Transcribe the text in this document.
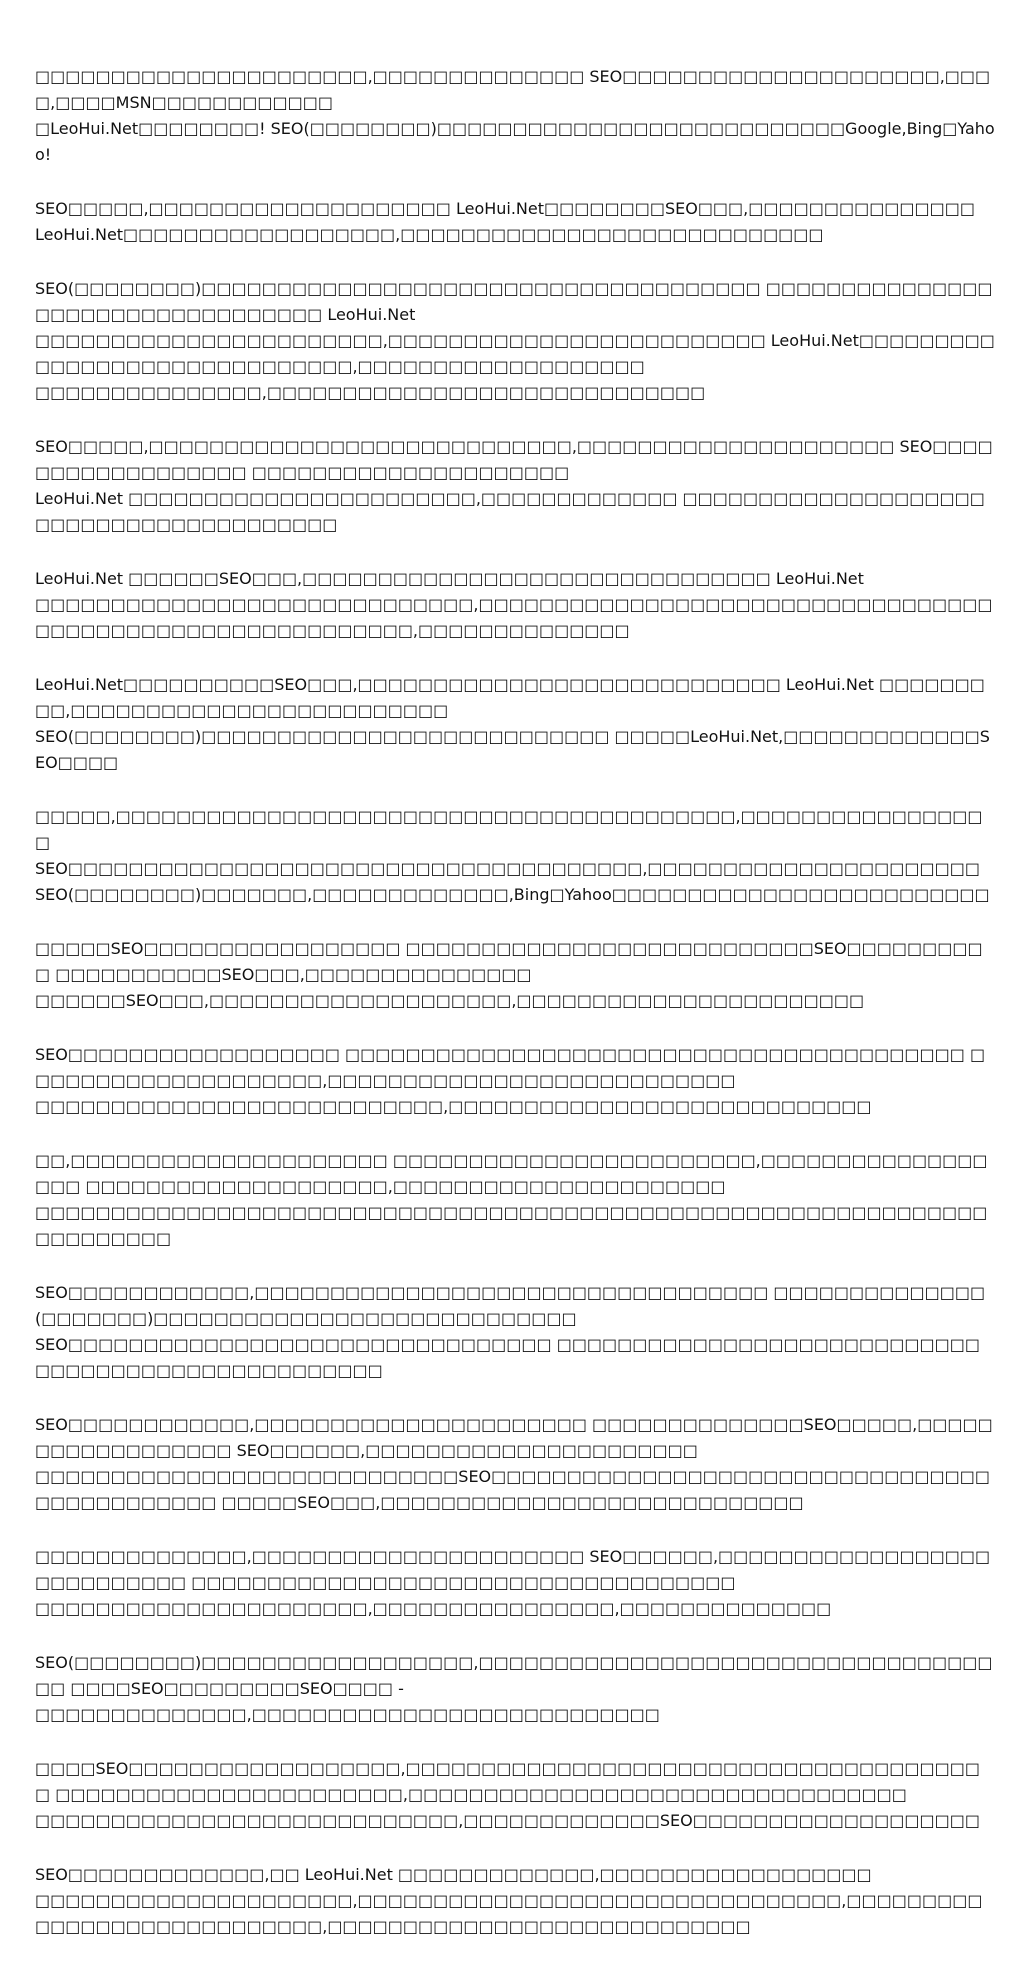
□□□□□□□□□□□□□□□□□□□□□□,□□□□□□□□□□□□□□ SEO□□□□□□□□□□□□□□□□□□□□□,□□□□,□□□□MSN□□□□□□□□□□□□
□LeoHui.Net□□□□□□□□! SEO(□□□□□□□□)□□□□□□□□□□□□□□□□□□□□□□□□□□□Google,Bing□Yahoo!

SEO□□□□□,□□□□□□□□□□□□□□□□□□□□ LeoHui.Net□□□□□□□□SEO□□□,□□□□□□□□□□□□□□□
LeoHui.Net□□□□□□□□□□□□□□□□□□,□□□□□□□□□□□□□□□□□□□□□□□□□□□□

SEO(□□□□□□□□)□□□□□□□□□□□□□□□□□□□□□□□□□□□□□□□□□□□□□ □□□□□□□□□□□□□□□□□□□□□□□□□□□□□□□□□□ LeoHui.Net
□□□□□□□□□□□□□□□□□□□□□□□,□□□□□□□□□□□□□□□□□□□□□□□□□ LeoHui.Net□□□□□□□□□□□□□□□□□□□□□□□□□□□□□□,□□□□□□□□□□□□□□□□□□□
□□□□□□□□□□□□□□□,□□□□□□□□□□□□□□□□□□□□□□□□□□□□□

SEO□□□□□,□□□□□□□□□□□□□□□□□□□□□□□□□□□□,□□□□□□□□□□□□□□□□□□□□□ SEO□□□□□□□□□□□□□□□□□□ □□□□□□□□□□□□□□□□□□□□□
LeoHui.Net □□□□□□□□□□□□□□□□□□□□□□□,□□□□□□□□□□□□□ □□□□□□□□□□□□□□□□□□□□□□□□□□□□□□□□□□□□□□□□

LeoHui.Net □□□□□□SEO□□□,□□□□□□□□□□□□□□□□□□□□□□□□□□□□□□□ LeoHui.Net
□□□□□□□□□□□□□□□□□□□□□□□□□□□□□,□□□□□□□□□□□□□□□□□□□□□□□□□□□□□□□□□□□□□□□□□□□□□□□□□□□□□□□□□□□,□□□□□□□□□□□□□□

LeoHui.Net□□□□□□□□□□SEO□□□,□□□□□□□□□□□□□□□□□□□□□□□□□□□□ LeoHui.Net □□□□□□□□□,□□□□□□□□□□□□□□□□□□□□□□□□□
SEO(□□□□□□□□)□□□□□□□□□□□□□□□□□□□□□□□□□□□ □□□□□LeoHui.Net,□□□□□□□□□□□□□SEO□□□□

□□□□□,□□□□□□□□□□□□□□□□□□□□□□□□□□□□□□□□□□□□□□□□□,□□□□□□□□□□□□□□□□□
SEO□□□□□□□□□□□□□□□□□□□□□□□□□□□□□□□□□□□□□□,□□□□□□□□□□□□□□□□□□□□□□
SEO(□□□□□□□□)□□□□□□□,□□□□□□□□□□□□□,Bing□Yahoo□□□□□□□□□□□□□□□□□□□□□□□□□

□□□□□SEO□□□□□□□□□□□□□□□□□ □□□□□□□□□□□□□□□□□□□□□□□□□□□SEO□□□□□□□□□□ □□□□□□□□□□□SEO□□□,□□□□□□□□□□□□□□□
□□□□□□SEO□□□,□□□□□□□□□□□□□□□□□□□□,□□□□□□□□□□□□□□□□□□□□□□□

SEO□□□□□□□□□□□□□□□□□□ □□□□□□□□□□□□□□□□□□□□□□□□□□□□□□□□□□□□□□□□□ □□□□□□□□□□□□□□□□□□□□,□□□□□□□□□□□□□□□□□□□□□□□□□□□
□□□□□□□□□□□□□□□□□□□□□□□□□□□,□□□□□□□□□□□□□□□□□□□□□□□□□□□□

□□,□□□□□□□□□□□□□□□□□□□□□ □□□□□□□□□□□□□□□□□□□□□□□□,□□□□□□□□□□□□□□□□□□ □□□□□□□□□□□□□□□□□□□□,□□□□□□□□□□□□□□□□□□□□□□
□□□□□□□□□□□□□□□□□□□□□□□□□□□□□□□□□□□□□□□□□□□□□□□□□□□□□□□□□□□□□□□□□□□□□□□□

SEO□□□□□□□□□□□□,□□□□□□□□□□□□□□□□□□□□□□□□□□□□□□□□□□ □□□□□□□□□□□□□□(□□□□□□□)□□□□□□□□□□□□□□□□□□□□□□□□□□□□
SEO□□□□□□□□□□□□□□□□□□□□□□□□□□□□□□□□ □□□□□□□□□□□□□□□□□□□□□□□□□□□□□□□□□□□□□□□□□□□□□□□□□□□

SEO□□□□□□□□□□□□,□□□□□□□□□□□□□□□□□□□□□□ □□□□□□□□□□□□□□SEO□□□□□,□□□□□□□□□□□□□□□□□□ SEO□□□□□□,□□□□□□□□□□□□□□□□□□□□□□
□□□□□□□□□□□□□□□□□□□□□□□□□□□□SEO□□□□□□□□□□□□□□□□□□□□□□□□□□□□□□□□□□□□□□□□□□□□□ □□□□□SEO□□□,□□□□□□□□□□□□□□□□□□□□□□□□□□□□

□□□□□□□□□□□□□□,□□□□□□□□□□□□□□□□□□□□□□ SEO□□□□□□,□□□□□□□□□□□□□□□□□□□□□□□□□□□□ □□□□□□□□□□□□□□□□□□□□□□□□□□□□□□□□□□□□
□□□□□□□□□□□□□□□□□□□□□□,□□□□□□□□□□□□□□□□,□□□□□□□□□□□□□□

SEO(□□□□□□□□)□□□□□□□□□□□□□□□□□□,□□□□□□□□□□□□□□□□□□□□□□□□□□□□□□□□□□□□ □□□□SEO□□□□□□□□□SEO□□□□ -
□□□□□□□□□□□□□□,□□□□□□□□□□□□□□□□□□□□□□□□□□□

□□□□SEO□□□□□□□□□□□□□□□□□□,□□□□□□□□□□□□□□□□□□□□□□□□□□□□□□□□□□□□□□□ □□□□□□□□□□□□□□□□□□□□□□□,□□□□□□□□□□□□□□□□□□□□□□□□□□□□□□□□□
□□□□□□□□□□□□□□□□□□□□□□□□□□□□,□□□□□□□□□□□□□SEO□□□□□□□□□□□□□□□□□□□

SEO□□□□□□□□□□□□□,□□ LeoHui.Net □□□□□□□□□□□□□,□□□□□□□□□□□□□□□□□□
□□□□□□□□□□□□□□□□□□□□□,□□□□□□□□□□□□□□□□□□□□□□□□□□□□□□□□,□□□□□□□□□□□□□□□□□□□□□□□□□□□□,□□□□□□□□□□□□□□□□□□□□□□□□□□□□
